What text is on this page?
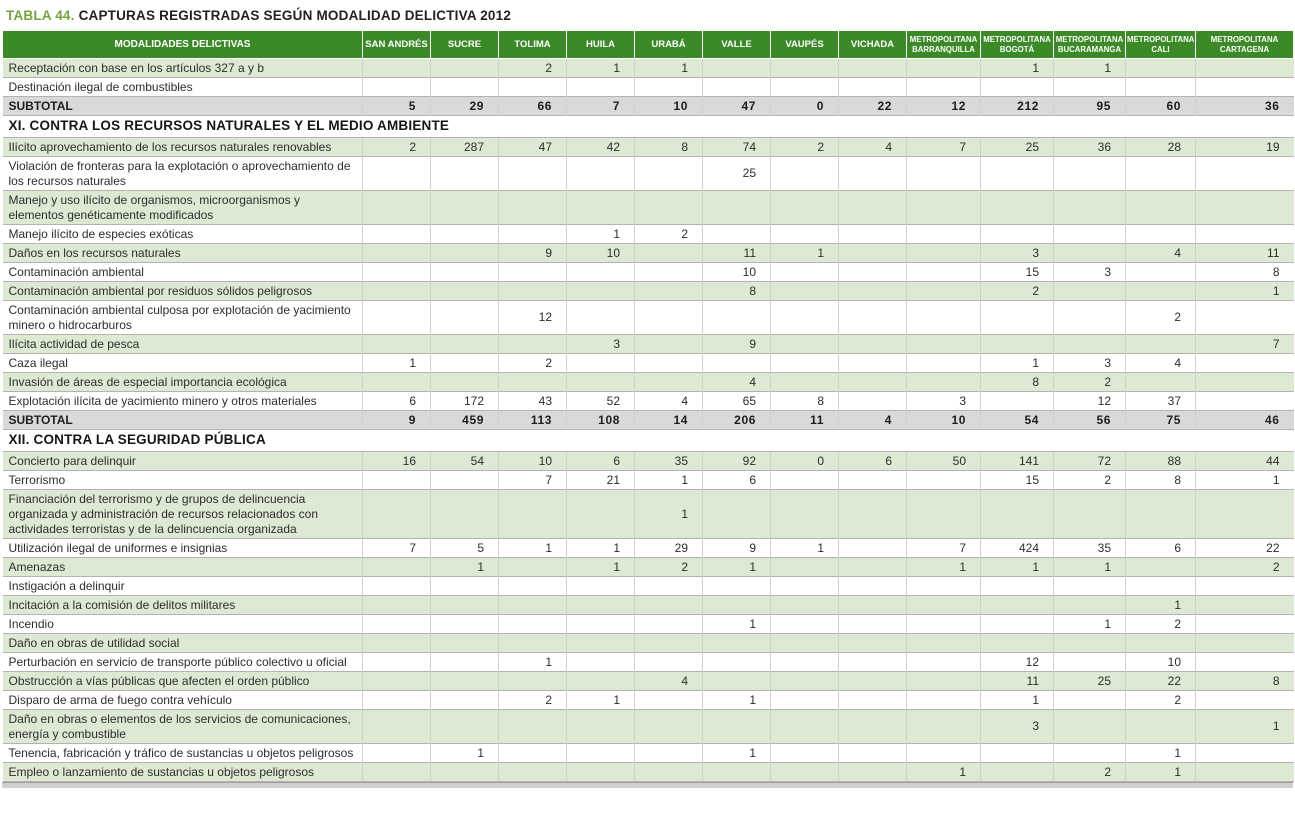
TABLA 44. CAPTURAS REGISTRADAS SEGÚN MODALIDAD DELICTIVA 2012
MODALIDADES DELICTIVAS	SAN ANDRÉS	SUCRE	TOLIMA	HUILA	URABÁ	VALLE	VAUPÉS	VICHADA	METROPOLITANA BARRANQUILLA	METROPOLITANA BOGOTÁ	METROPOLITANA BUCARAMANGA	METROPOLITANA CALI	METROPOLITANA CARTAGENA
Receptación con base en los artículos 327 a y b			2	1	1					1	1		
Destinación ilegal de combustibles													
SUBTOTAL	5	29	66	7	10	47	0	22	12	212	95	60	36
XI. CONTRA LOS RECURSOS NATURALES Y EL MEDIO AMBIENTE													
Ilícito aprovechamiento de los recursos naturales renovables	2	287	47	42	8	74	2	4	7	25	36	28	19
Violación de fronteras para la explotación o aprovechamiento de los recursos naturales						25							
Manejo y uso ilícito de organismos, microorganismos y elementos genéticamente modificados													
Manejo ilícito de especies exóticas				1	2								
Daños en los recursos naturales			9	10		11	1			3		4	11
Contaminación ambiental						10				15	3		8
Contaminación ambiental por residuos sólidos peligrosos						8				2			1
Contaminación ambiental culposa por explotación de yacimiento minero o hidrocarburos			12									2	
Ilícita actividad de pesca				3		9							7
Caza ilegal	1		2							1	3	4	
Invasión de áreas de especial importancia ecológica						4				8	2		
Explotación ilícita de yacimiento minero y otros materiales	6	172	43	52	4	65	8		3		12	37	
SUBTOTAL	9	459	113	108	14	206	11	4	10	54	56	75	46
XII. CONTRA LA SEGURIDAD PÚBLICA													
Concierto para delinquir	16	54	10	6	35	92	0	6	50	141	72	88	44
Terrorismo			7	21	1	6				15	2	8	1
Financiación del terrorismo y de grupos de delincuencia organizada y administración de recursos relacionados con actividades terroristas y de la delincuencia organizada					1								
Utilización ilegal de uniformes e insignias	7	5	1	1	29	9	1		7	424	35	6	22
Amenazas		1		1	2	1			1	1	1		2
Instigación a delinquir													
Incitación a la comisión de delitos militares												1	
Incendio						1					1	2	
Daño en obras de utilidad social													
Perturbación en servicio de transporte público colectivo u oficial			1							12		10	
Obstrucción a vías públicas que afecten el orden público					4					11	25	22	8
Disparo de arma de fuego contra vehículo			2	1		1				1		2	
Daño en obras o elementos de los servicios de comunicaciones, energía y combustible										3			1
Tenencia, fabricación y tráfico de sustancias u objetos peligrosos		1				1						1	
Empleo o lanzamiento de sustancias u objetos peligrosos									1		2	1	
